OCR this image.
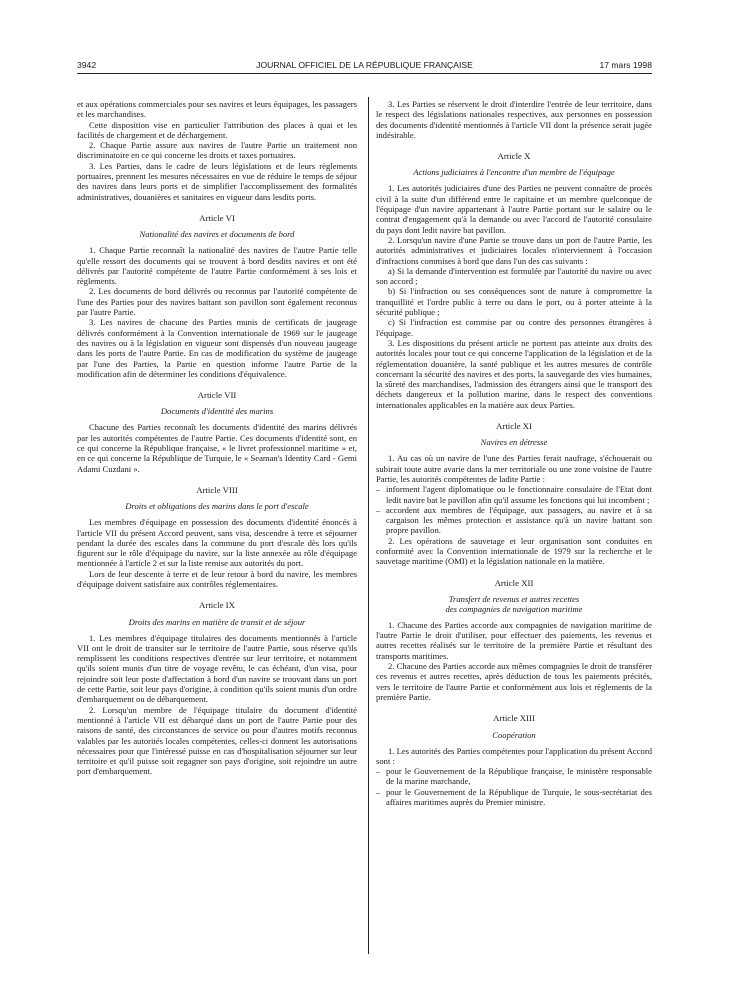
3942	JOURNAL OFFICIEL DE LA RÉPUBLIQUE FRANÇAISE	17 mars 1998

et aux opérations commerciales pour ses navires et leurs équipages, les passagers et les marchandises.

Cette disposition vise en particulier l'attribution des places à quai et les facilités de chargement et de déchargement.

2. Chaque Partie assure aux navires de l'autre Partie un traitement non discriminatoire en ce qui concerne les droits et taxes portuaires.

3. Les Parties, dans le cadre de leurs législations et de leurs règlements portuaires, prennent les mesures nécessaires en vue de réduire le temps de séjour des navires dans leurs ports et de simplifier l'accomplissement des formalités administratives, douanières et sanitaires en vigueur dans lesdits ports.

Article VI
Nationalité des navires et documents de bord

1. Chaque Partie reconnaît la nationalité des navires de l'autre Partie telle qu'elle ressort des documents qui se trouvent à bord desdits navires et ont été délivrés par l'autorité compétente de l'autre Partie conformément à ses lois et règlements.

2. Les documents de bord délivrés ou reconnus par l'autorité compétente de l'une des Parties pour des navires battant son pavillon sont également reconnus par l'autre Partie.

3. Les navires de chacune des Parties munis de certificats de jaugeage délivrés conformément à la Convention internationale de 1969 sur le jaugeage des navires ou à la législation en vigueur sont dispensés d'un nouveau jaugeage dans les ports de l'autre Partie. En cas de modification du système de jaugeage par l'une des Parties, la Partie en question informe l'autre Partie de la modification afin de déterminer les conditions d'équivalence.

Article VII
Documents d'identité des marins

Chacune des Parties reconnaît les documents d'identité des marins délivrés par les autorités compétentes de l'autre Partie. Ces documents d'identité sont, en ce qui concerne la République française, « le livret professionnel maritime » et, en ce qui concerne la République de Turquie, le « Seaman's Identity Card - Gemi Adami Cuzdani ».

Article VIII
Droits et obligations des marins dans le port d'escale

Les membres d'équipage en possession des documents d'identité énoncés à l'article VII du présent Accord peuvent, sans visa, descendre à terre et séjourner pendant la durée des escales dans la commune du port d'escale dès lors qu'ils figurent sur le rôle d'équipage du navire, sur la liste annexée au rôle d'équipage mentionnée à l'article 2 et sur la liste remise aux autorités du port.

Lors de leur descente à terre et de leur retour à bord du navire, les membres d'équipage doivent satisfaire aux contrôles réglementaires.

Article IX
Droits des marins en matière de transit et de séjour

1. Les membres d'équipage titulaires des documents mentionnés à l'article VII ont le droit de transiter sur le territoire de l'autre Partie, sous réserve qu'ils remplissent les conditions respectives d'entrée sur leur territoire, et notamment qu'ils soient munis d'un titre de voyage revêtu, le cas échéant, d'un visa, pour rejoindre soit leur poste d'affectation à bord d'un navire se trouvant dans un port de cette Partie, soit leur pays d'origine, à condition qu'ils soient munis d'un ordre d'embarquement ou de débarquement.

2. Lorsqu'un membre de l'équipage titulaire du document d'identité mentionné à l'article VII est débarqué dans un port de l'autre Partie pour des raisons de santé, des circonstances de service ou pour d'autres motifs reconnus valables par les autorités locales compétentes, celles-ci donnent les autorisations nécessaires pour que l'intéressé puisse en cas d'hospitalisation séjourner sur leur territoire et qu'il puisse soit regagner son pays d'origine, soit rejoindre un autre port d'embarquement.

3. Les Parties se réservent le droit d'interdire l'entrée de leur territoire, dans le respect des législations nationales respectives, aux personnes en possession des documents d'identité mentionnés à l'article VII dont la présence serait jugée indésirable.

Article X
Actions judiciaires à l'encontre d'un membre de l'équipage

1. Les autorités judiciaires d'une des Parties ne peuvent connaître de procès civil à la suite d'un différend entre le capitaine et un membre quelconque de l'équipage d'un navire appartenant à l'autre Partie portant sur le salaire ou le contrat d'engagement qu'à la demande ou avec l'accord de l'autorité consulaire du pays dont ledit navire bat pavillon.

2. Lorsqu'un navire d'une Partie se trouve dans un port de l'autre Partie, les autorités administratives et judiciaires locales n'interviennent à l'occasion d'infractions commises à bord que dans l'un des cas suivants :

a) Si la demande d'intervention est formulée par l'autorité du navire ou avec son accord ;

b) Si l'infraction ou ses conséquences sont de nature à compromettre la tranquillité et l'ordre public à terre ou dans le port, ou à porter atteinte à la sécurité publique ;

c) Si l'infraction est commise par ou contre des personnes étrangères à l'équipage.

3. Les dispositions du présent article ne portent pas atteinte aux droits des autorités locales pour tout ce qui concerne l'application de la législation et de la réglementation douanière, la santé publique et les autres mesures de contrôle concernant la sécurité des navires et des ports, la sauvegarde des vies humaines, la sûreté des marchandises, l'admission des étrangers ainsi que le transport des déchets dangereux et la pollution marine, dans le respect des conventions internationales applicables en la matière aux deux Parties.

Article XI
Navires en détresse

1. Au cas où un navire de l'une des Parties ferait naufrage, s'échouerait ou subirait toute autre avarie dans la mer territoriale ou une zone voisine de l'autre Partie, les autorités compétentes de ladite Partie :

– informent l'agent diplomatique ou le fonctionnaire consulaire de l'Etat dont ledit navire bat le pavillon afin qu'il assume les fonctions qui lui incombent ;

– accordent aux membres de l'équipage, aux passagers, au navire et à sa cargaison les mêmes protection et assistance qu'à un navire battant son propre pavillon.

2. Les opérations de sauvetage et leur organisation sont conduites en conformité avec la Convention internationale de 1979 sur la recherche et le sauvetage maritime (OMI) et la législation nationale en la matière.

Article XII
Transfert de revenus et autres recettes
des compagnies de navigation maritime

1. Chacune des Parties accorde aux compagnies de navigation maritime de l'autre Partie le droit d'utiliser, pour effectuer des paiements, les revenus et autres recettes réalisés sur le territoire de la première Partie et résultant des transports maritimes.

2. Chacune des Parties accorde aux mêmes compagnies le droit de transférer ces revenus et autres recettes, après déduction de tous les paiements précités, vers le territoire de l'autre Partie et conformément aux lois et règlements de la première Partie.

Article XIII
Coopération

1. Les autorités des Parties compétentes pour l'application du présent Accord sont :

– pour le Gouvernement de la République française, le ministère responsable de la marine marchande,

– pour le Gouvernement de la République de Turquie, le sous-secrétariat des affaires maritimes auprès du Premier ministre.
